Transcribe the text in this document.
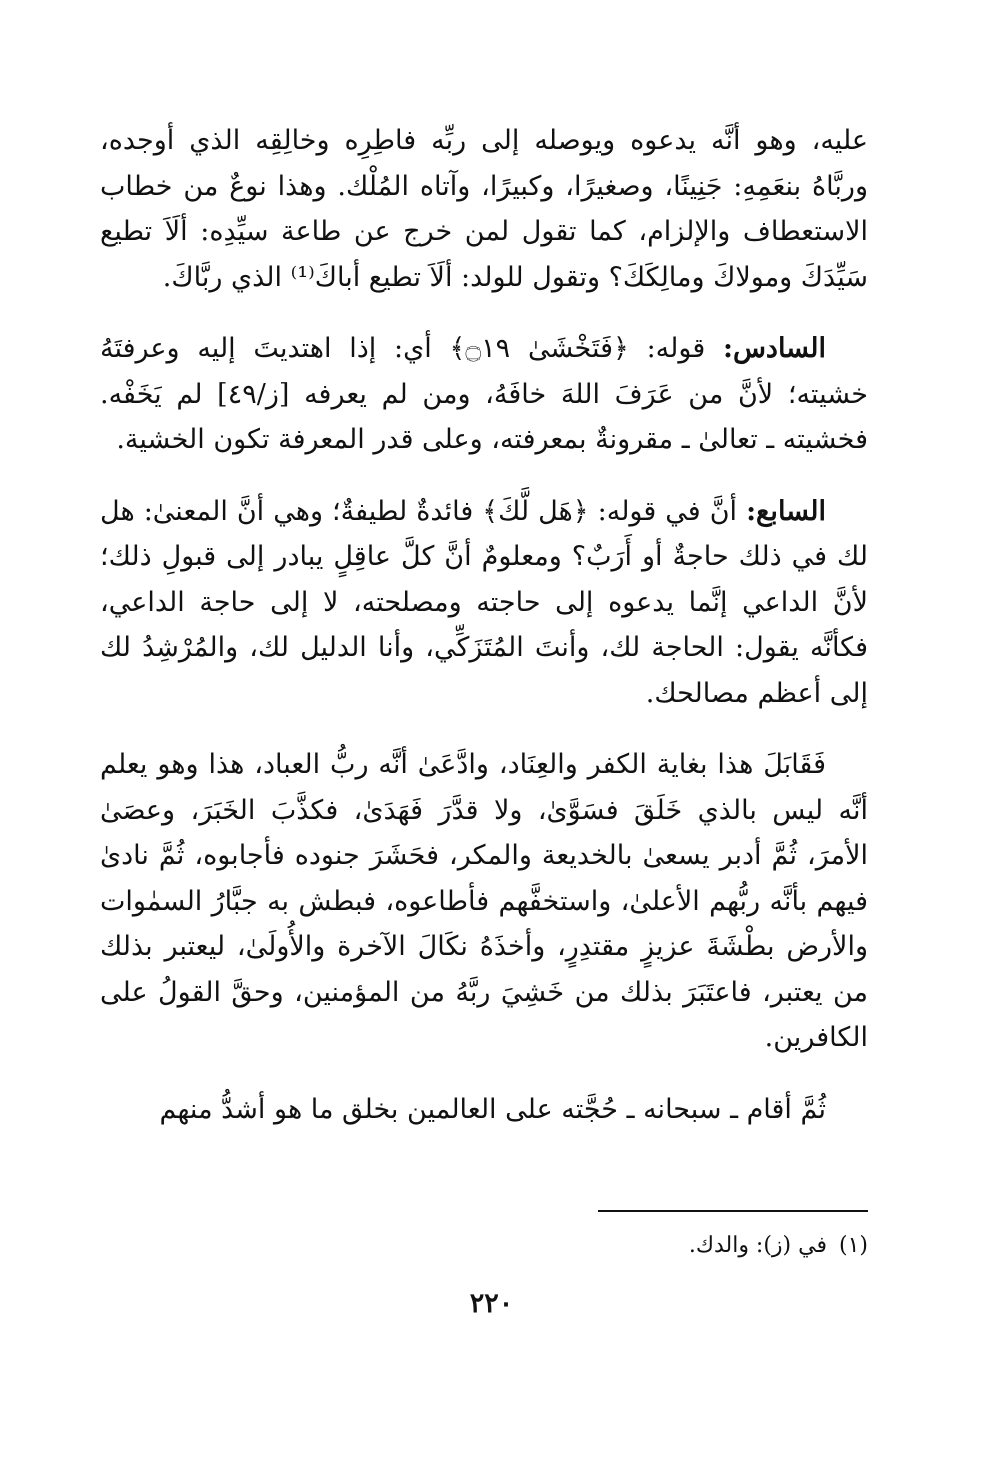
عليه، وهو أنَّه يدعوه ويوصله إلى ربِّه فاطِرِه وخالِقِه الذي أوجده، وربَّاهُ بنعَمِهِ: جَنِينًا، وصغيرًا، وكبيرًا، وآتاه المُلْك. وهذا نوعٌ من خطاب الاستعطاف والإلزام، كما تقول لمن خرج عن طاعة سيِّدِه: ألَاَ تطيع سَيِّدَكَ ومولاكَ ومالِكَكَ؟ وتقول للولد: ألَاَ تطيع أباكَ⁽¹⁾ الذي ربَّاكَ.

السادس: قوله: ﴿فَتَخْشَىٰ ۝١٩﴾ أي: إذا اهتديتَ إليه وعرفتَهُ خشيته؛ لأنَّ من عَرَفَ اللهَ خافَهُ، ومن لم يعرفه [ز/٤٩] لم يَخَفْه. فخشيته ـ تعالىٰ ـ مقرونةٌ بمعرفته، وعلى قدر المعرفة تكون الخشية.

السابع: أنَّ في قوله: ﴿هَل لَّكَ﴾ فائدةٌ لطيفةٌ؛ وهي أنَّ المعنىٰ: هل لك في ذلك حاجةٌ أو أَرَبٌ؟ ومعلومٌ أنَّ كلَّ عاقِلٍ يبادر إلى قبولِ ذلك؛ لأنَّ الداعي إنَّما يدعوه إلى حاجته ومصلحته، لا إلى حاجة الداعي، فكأنَّه يقول: الحاجة لك، وأنتَ المُتَزَكِّي، وأنا الدليل لك، والمُرْشِدُ لك إلى أعظم مصالحك.

فَقَابَلَ هذا بغاية الكفر والعِنَاد، وادَّعَىٰ أنَّه ربُّ العباد، هذا وهو يعلم أنَّه ليس بالذي خَلَقَ فسَوَّىٰ، ولا قدَّرَ فَهَدَىٰ، فكذَّبَ الخَبَرَ، وعصَىٰ الأمرَ، ثُمَّ أدبر يسعىٰ بالخديعة والمكر، فحَشَرَ جنوده فأجابوه، ثُمَّ نادىٰ فيهم بأنَّه ربُّهم الأعلىٰ، واستخفَّهم فأطاعوه، فبطش به جبَّارُ السمٰوات والأرض بطْشَةَ عزيزٍ مقتدِرٍ، وأخذَهُ نكَالَ الآخرة والأُولَىٰ، ليعتبر بذلك من يعتبر، فاعتَبَرَ بذلك من خَشِيَ ربَّهُ من المؤمنين، وحقَّ القولُ على الكافرين.

ثُمَّ أقام ـ سبحانه ـ حُجَّته على العالمين بخلق ما هو أشدُّ منهم

(١)في (ز): والدك.
٢٢٠
